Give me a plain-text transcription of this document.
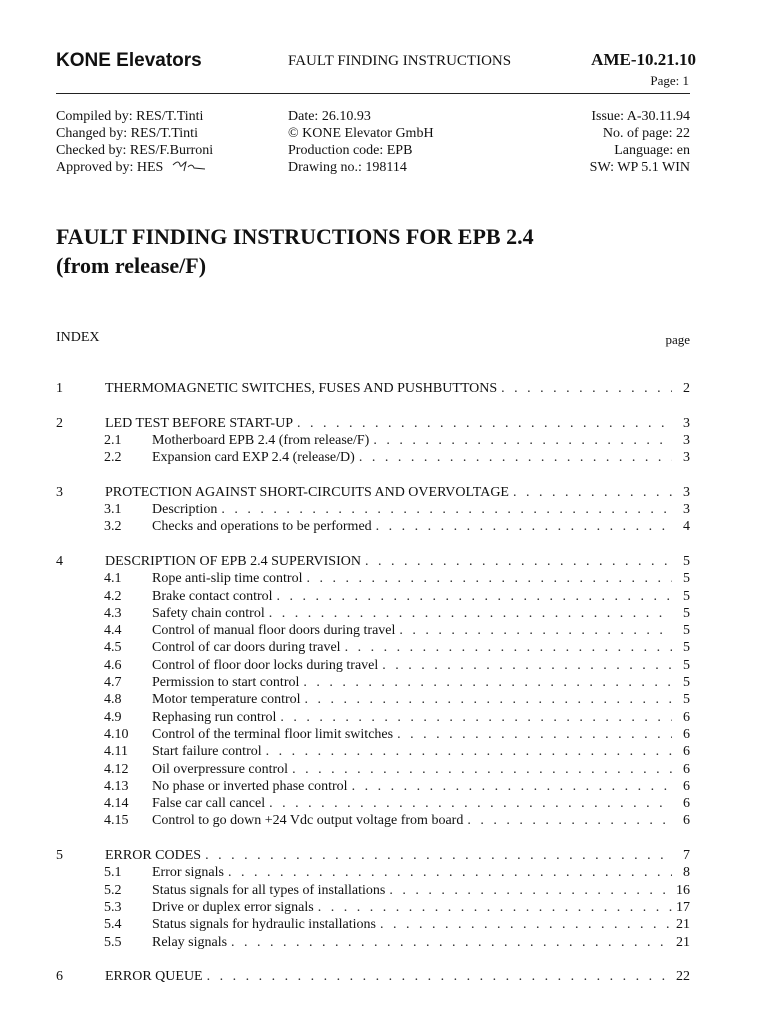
KONE Elevators	FAULT FINDING INSTRUCTIONS	AME-10.21.10
Page: 1
Compiled by: RES/T.Tinti
Changed by: RES/T.Tinti
Checked by: RES/F.Burroni
Approved by: HES
Date: 26.10.93
© KONE Elevator GmbH
Production code: EPB
Drawing no.: 198114
Issue: A-30.11.94
No. of page: 22
Language: en
SW: WP 5.1 WIN
FAULT FINDING INSTRUCTIONS FOR EPB 2.4
(from release/F)
INDEX	page
1	THERMOMAGNETIC SWITCHES, FUSES AND PUSHBUTTONS . . .	2
2	LED TEST BEFORE START-UP . . .	3
2.1 Motherboard EPB 2.4 (from release/F) . . .	3
2.2 Expansion card EXP 2.4 (release/D) . . .	3
3	PROTECTION AGAINST SHORT-CIRCUITS AND OVERVOLTAGE . . .	3
3.1 Description . . .	3
3.2 Checks and operations to be performed . . .	4
4	DESCRIPTION OF EPB 2.4 SUPERVISION . . .	5
4.1 Rope anti-slip time control . . .	5
4.2 Brake contact control . . .	5
4.3 Safety chain control . . .	5
4.4 Control of manual floor doors during travel . . .	5
4.5 Control of car doors during travel . . .	5
4.6 Control of floor door locks during travel . . .	5
4.7 Permission to start control . . .	5
4.8 Motor temperature control . . .	5
4.9 Rephasing run control . . .	6
4.10 Control of the terminal floor limit switches . . .	6
4.11 Start failure control . . .	6
4.12 Oil overpressure control . . .	6
4.13 No phase or inverted phase control . . .	6
4.14 False car call cancel . . .	6
4.15 Control to go down +24 Vdc output voltage from board . . .	6
5	ERROR CODES . . .	7
5.1 Error signals . . .	8
5.2 Status signals for all types of installations . . .	16
5.3 Drive or duplex error signals . . .	17
5.4 Status signals for hydraulic installations . . .	21
5.5 Relay signals . . .	21
6	ERROR QUEUE . . .	22
